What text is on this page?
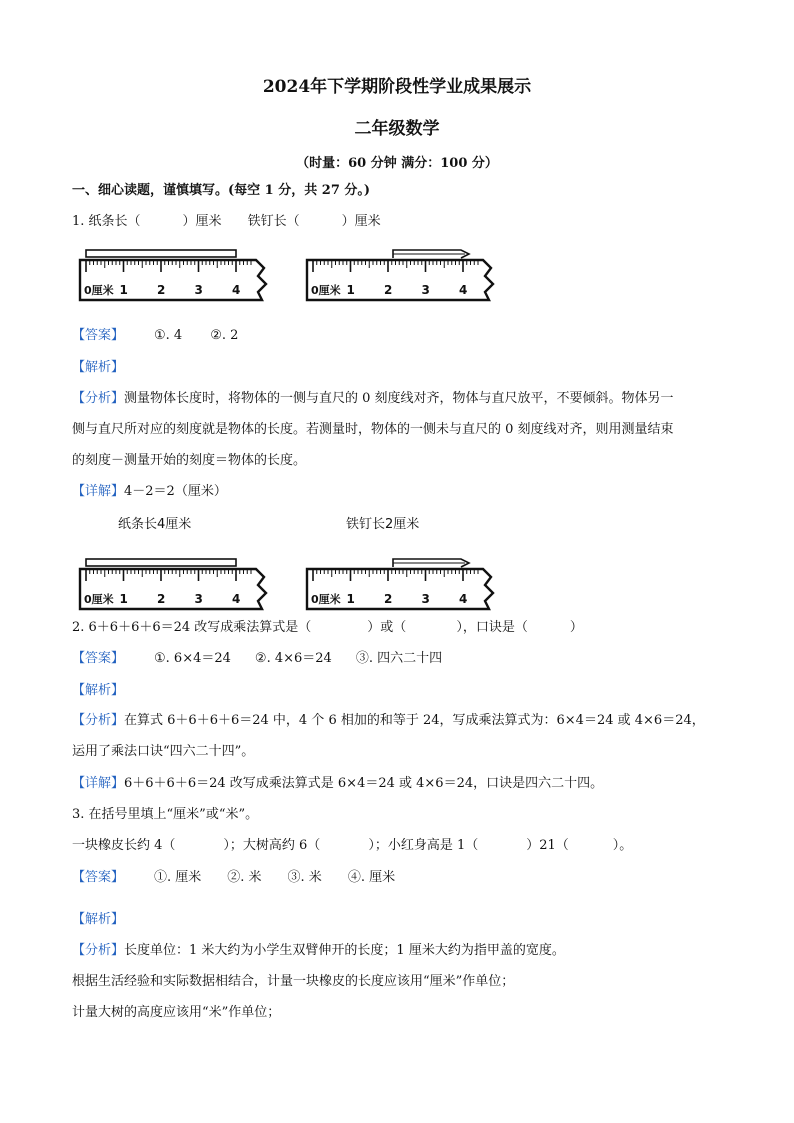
2024年下学期阶段性学业成果展示
二年级数学
（时量：60 分钟 满分：100 分）
一、细心读题，谨慎填写。(每空 1 分，共 27 分。)
1. 纸条长（	）厘米 铁钉长（	）厘米
0厘米 1 2 3 4	0厘米 1 2 3 4
【答案】 ①. 4 ②. 2
【解析】
【分析】测量物体长度时，将物体的一侧与直尺的 0 刻度线对齐，物体与直尺放平，不要倾斜。物体另一
侧与直尺所对应的刻度就是物体的长度。若测量时，物体的一侧未与直尺的 0 刻度线对齐，则用测量结束
的刻度－测量开始的刻度＝物体的长度。
【详解】4－2＝2（厘米）
纸条长4厘米	铁钉长2厘米
0厘米 1 2 3 4	0厘米 1 2 3 4
2. 6＋6＋6＋6＝24 改写成乘法算式是（	）或（	），口诀是（	）
【答案】 ①. 6×4＝24 ②. 4×6＝24 ③. 四六二十四
【解析】
【分析】在算式 6＋6＋6＋6＝24 中，4 个 6 相加的和等于 24，写成乘法算式为：6×4＝24 或 4×6＝24，
运用了乘法口诀“四六二十四”。
【详解】6＋6＋6＋6＝24 改写成乘法算式是 6×4＝24 或 4×6＝24，口诀是四六二十四。
3. 在括号里填上“厘米”或“米”。
一块橡皮长约 4（	）；大树高约 6（	）；小红身高是 1（	）21（	）。
【答案】 ①. 厘米 ②. 米 ③. 米 ④. 厘米
【解析】
【分析】长度单位：1 米大约为小学生双臂伸开的长度；1 厘米大约为指甲盖的宽度。
根据生活经验和实际数据相结合，计量一块橡皮的长度应该用“厘米”作单位；
计量大树的高度应该用“米”作单位；
